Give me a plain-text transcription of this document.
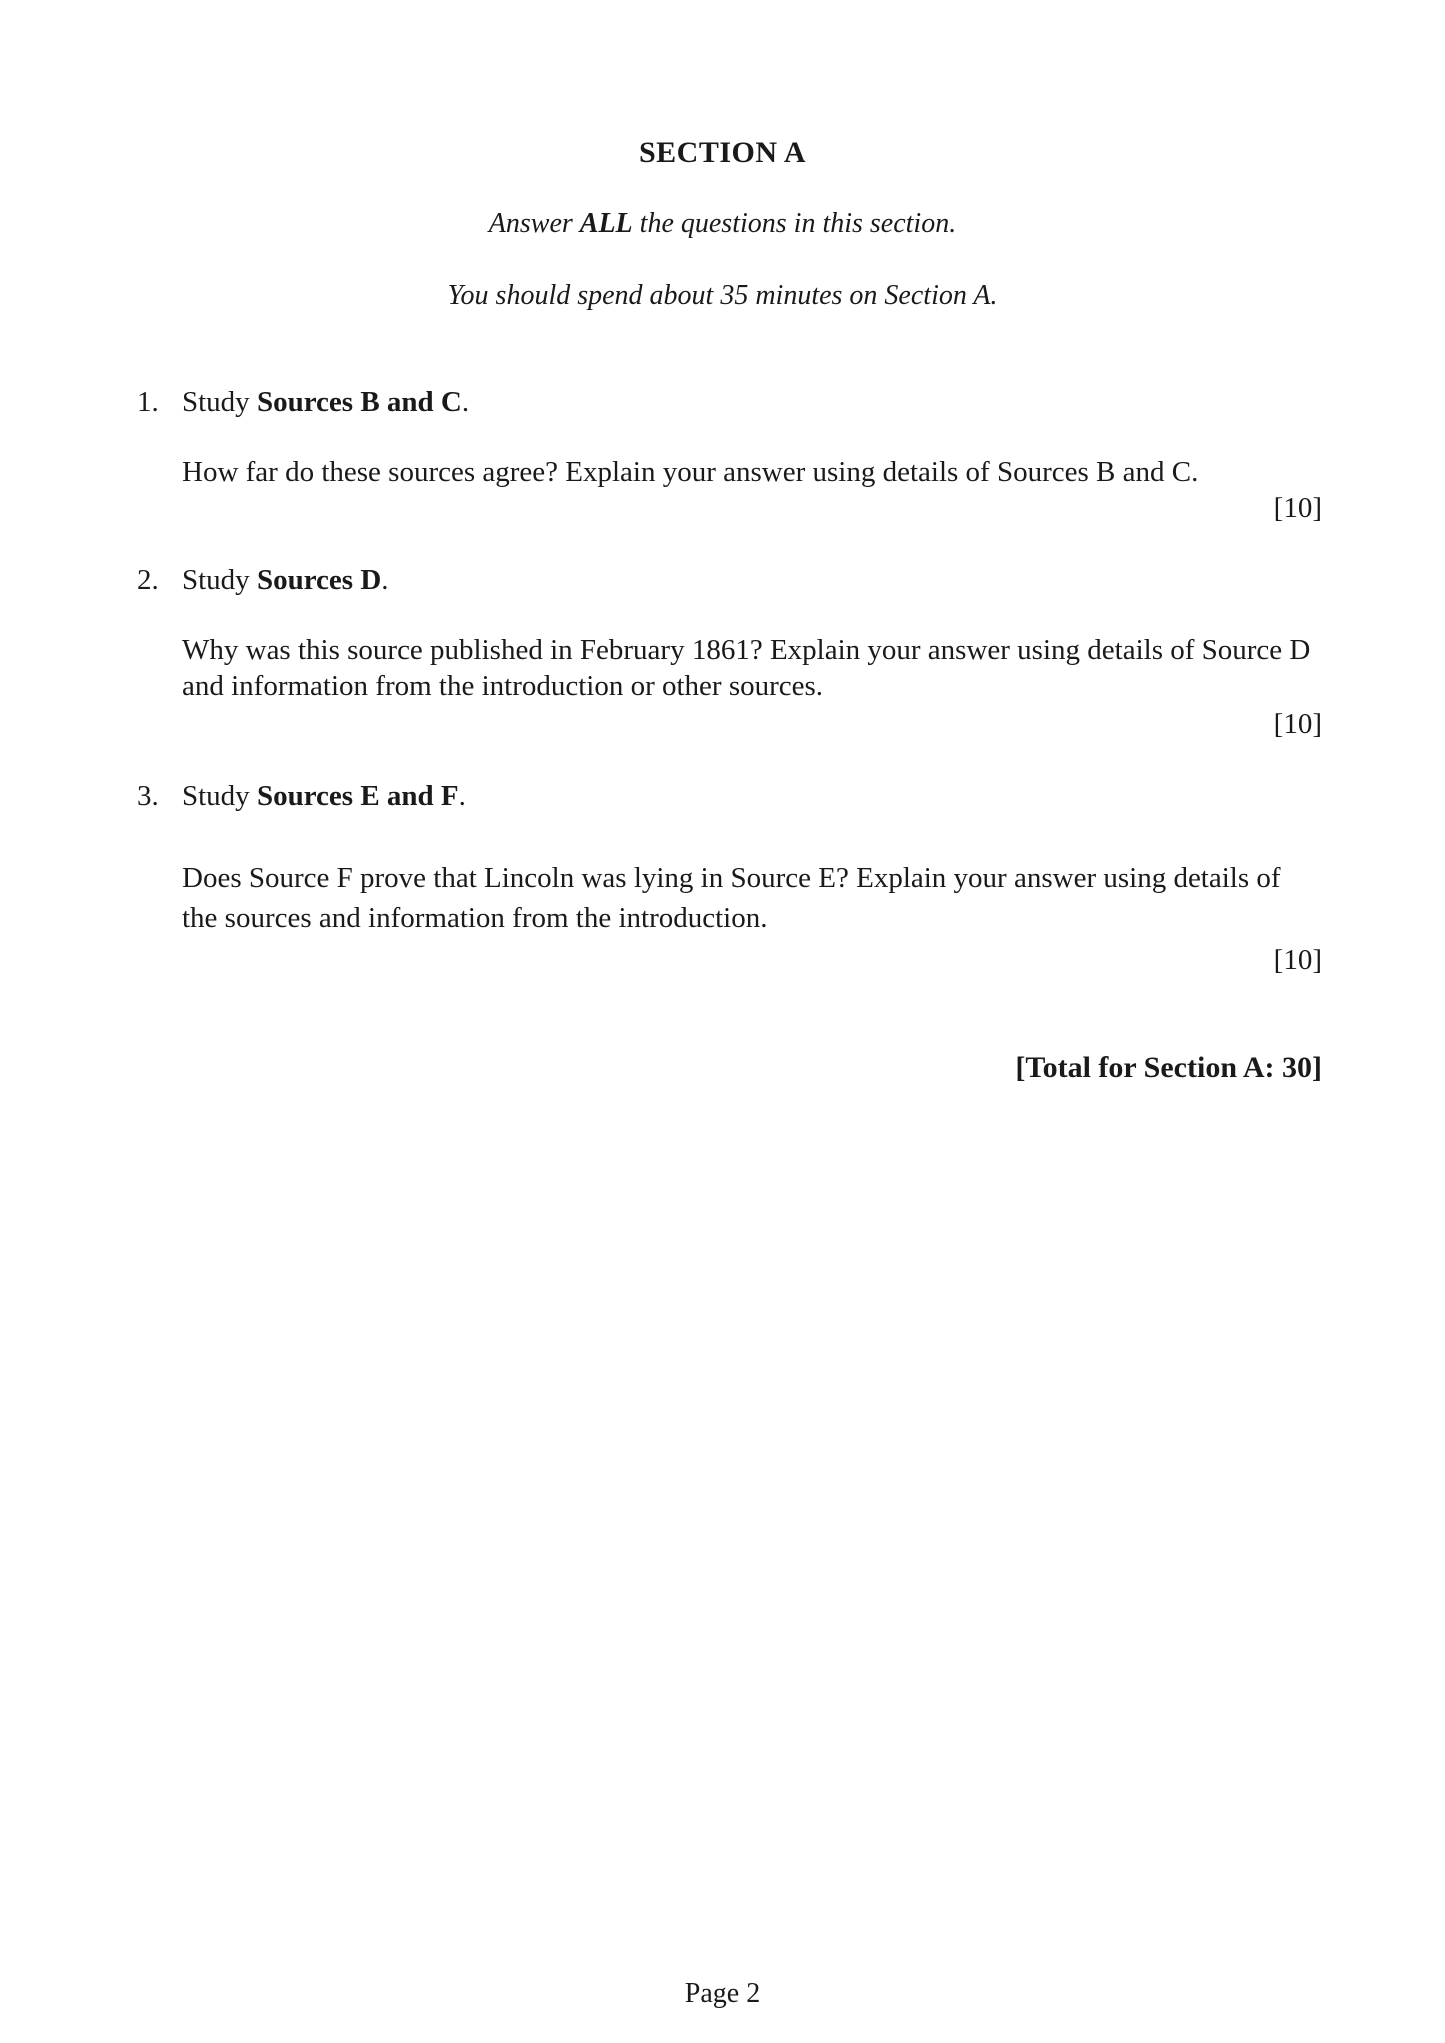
SECTION A
Answer ALL the questions in this section.
You should spend about 35 minutes on Section A.
1. Study Sources B and C.
How far do these sources agree? Explain your answer using details of Sources B and C.
[10]
2. Study Sources D.
Why was this source published in February 1861? Explain your answer using details of Source D and information from the introduction or other sources.
[10]
3. Study Sources E and F.
Does Source F prove that Lincoln was lying in Source E? Explain your answer using details of the sources and information from the introduction.
[10]
[Total for Section A: 30]
Page 2
